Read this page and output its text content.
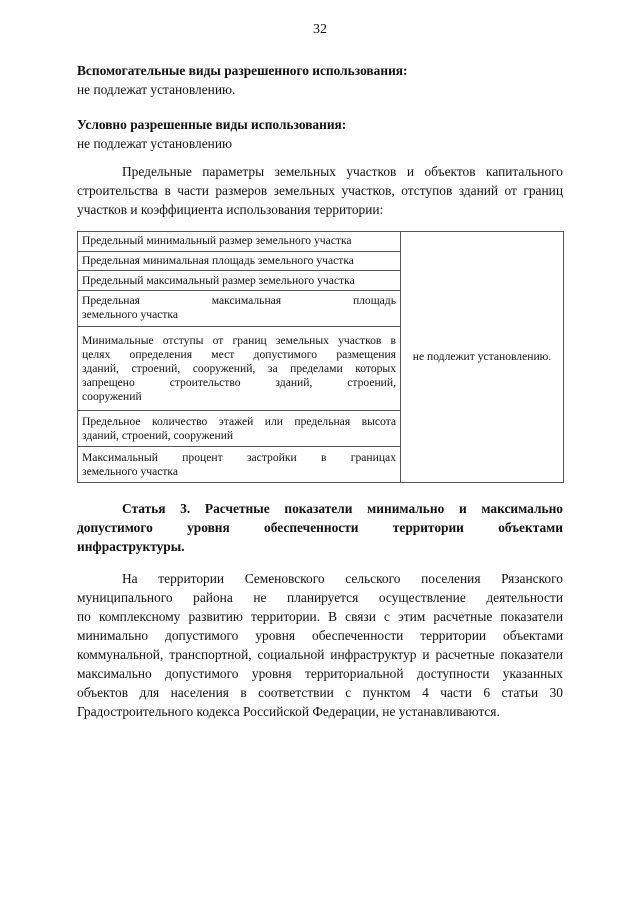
32
Вспомогательные виды разрешенного использования:
не подлежат установлению.
Условно разрешенные виды использования:
не подлежат установлению
Предельные параметры земельных участков и объектов капитального
строительства в части размеров земельных участков, отступов зданий от границ
участков и коэффициента использования территории:
Предельный минимальный размер земельного участка
	не подлежит установлению.

Предельная минимальная площадь земельного участка

Предельный максимальный размер земельного участка

Предельная максимальная площадь
земельного участка

Минимальные отступы от границ земельных участков в
целях определения мест допустимого размещения
зданий, строений, сооружений, за пределами которых
запрещено строительство зданий, строений,
сооружений

Предельное количество этажей или предельная высота
зданий, строений, сооружений

Максимальный процент застройки в границах
земельного участка
Статья 3. Расчетные показатели минимально и максимально
допустимого уровня обеспеченности территории объектами
инфраструктуры.
На территории Семеновского сельского поселения Рязанского
муниципального района не планируется осуществление деятельности
по комплексному развитию территории. В связи с этим расчетные показатели
минимально допустимого уровня обеспеченности территории объектами
коммунальной, транспортной, социальной инфраструктур и расчетные показатели
максимально допустимого уровня территориальной доступности указанных
объектов для населения в соответствии с пунктом 4 части 6 статьи 30
Градостроительного кодекса Российской Федерации, не устанавливаются.
